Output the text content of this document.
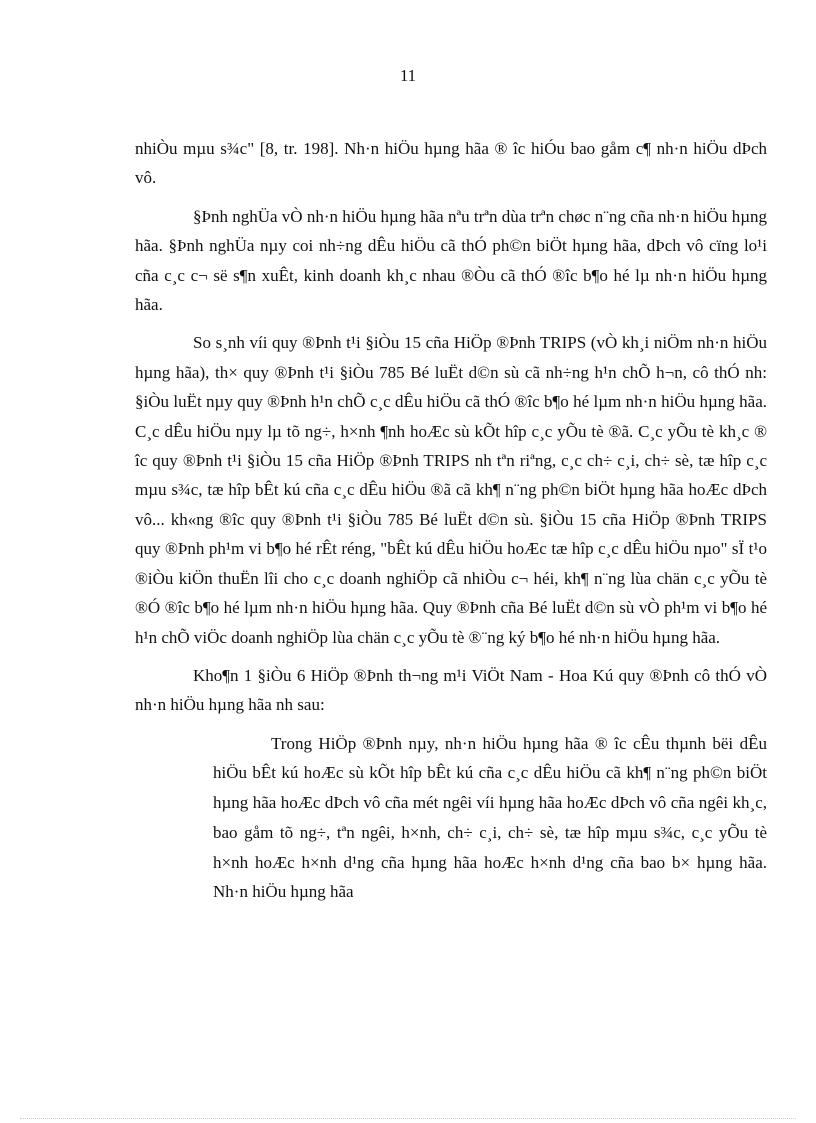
11

nhiÒu mµu s¾c" [8, tr. 198]. Nh·n hiÖu hµng hãa ® îc hiÓu bao gåm c¶ nh·n hiÖu dÞch vô.

§Þnh nghÜa vÒ nh·n hiÖu hµng hãa nªu trªn dùa trªn chøc n¨ng cña nh·n hiÖu hµng hãa. §Þnh nghÜa nµy coi nh÷ng dÊu hiÖu cã thÓ ph©n biÖt hµng hãa, dÞch vô cïng lo¹i cña c¸c c¬ së s¶n xuÊt, kinh doanh kh¸c nhau ®Òu cã thÓ ®îc b¶o hé lµ nh·n hiÖu hµng hãa.

So s¸nh víi quy ®Þnh t¹i §iÒu 15 cña HiÖp ®Þnh TRIPS (vÒ kh¸i niÖm nh·n hiÖu hµng hãa), th× quy ®Þnh t¹i §iÒu 785 Bé luËt d©n sù cã nh÷ng h¹n chÕ h¬n, cô thÓ nh: §iÒu luËt nµy quy ®Þnh h¹n chÕ c¸c dÊu hiÖu cã thÓ ®îc b¶o hé lµm nh·n hiÖu hµng hãa. C¸c dÊu hiÖu nµy lµ tõ ng÷, h×nh ¶nh hoÆc sù kÕt hîp c¸c yÕu tè ®ã. C¸c yÕu tè kh¸c ® îc quy ®Þnh t¹i §iÒu 15 cña HiÖp ®Þnh TRIPS nh tªn riªng, c¸c ch÷ c¸i, ch÷ sè, tæ hîp c¸c mµu s¾c, tæ hîp bÊt kú cña c¸c dÊu hiÖu ®ã cã kh¶ n¨ng ph©n biÖt hµng hãa hoÆc dÞch vô... kh«ng ®îc quy ®Þnh t¹i §iÒu 785 Bé luËt d©n sù. §iÒu 15 cña HiÖp ®Þnh TRIPS quy ®Þnh ph¹m vi b¶o hé rÊt réng, "bÊt kú dÊu hiÖu hoÆc tæ hîp c¸c dÊu hiÖu nµo" sÏ t¹o ®iÒu kiÖn thuËn lîi cho c¸c doanh nghiÖp cã nhiÒu c¬ héi, kh¶ n¨ng lùa chän c¸c yÕu tè ®Ó ®îc b¶o hé lµm nh·n hiÖu hµng hãa. Quy ®Þnh cña Bé luËt d©n sù vÒ ph¹m vi b¶o hé h¹n chÕ viÖc doanh nghiÖp lùa chän c¸c yÕu tè ®¨ng ký b¶o hé nh·n hiÖu hµng hãa.

Kho¶n 1 §iÒu 6 HiÖp ®Þnh th¬ng m¹i ViÖt Nam - Hoa Kú quy ®Þnh cô thÓ vÒ nh·n hiÖu hµng hãa nh sau:

Trong HiÖp ®Þnh nµy, nh·n hiÖu hµng hãa ® îc cÊu thµnh bëi dÊu hiÖu bÊt kú hoÆc sù kÕt hîp bÊt kú cña c¸c dÊu hiÖu cã kh¶ n¨ng ph©n biÖt hµng hãa hoÆc dÞch vô cña mét ngêi víi hµng hãa hoÆc dÞch vô cña ngêi kh¸c, bao gåm tõ ng÷, tªn ngêi, h×nh, ch÷ c¸i, ch÷ sè, tæ hîp mµu s¾c, c¸c yÕu tè h×nh hoÆc h×nh d¹ng cña hµng hãa hoÆc h×nh d¹ng cña bao b× hµng hãa. Nh·n hiÖu hµng hãa
